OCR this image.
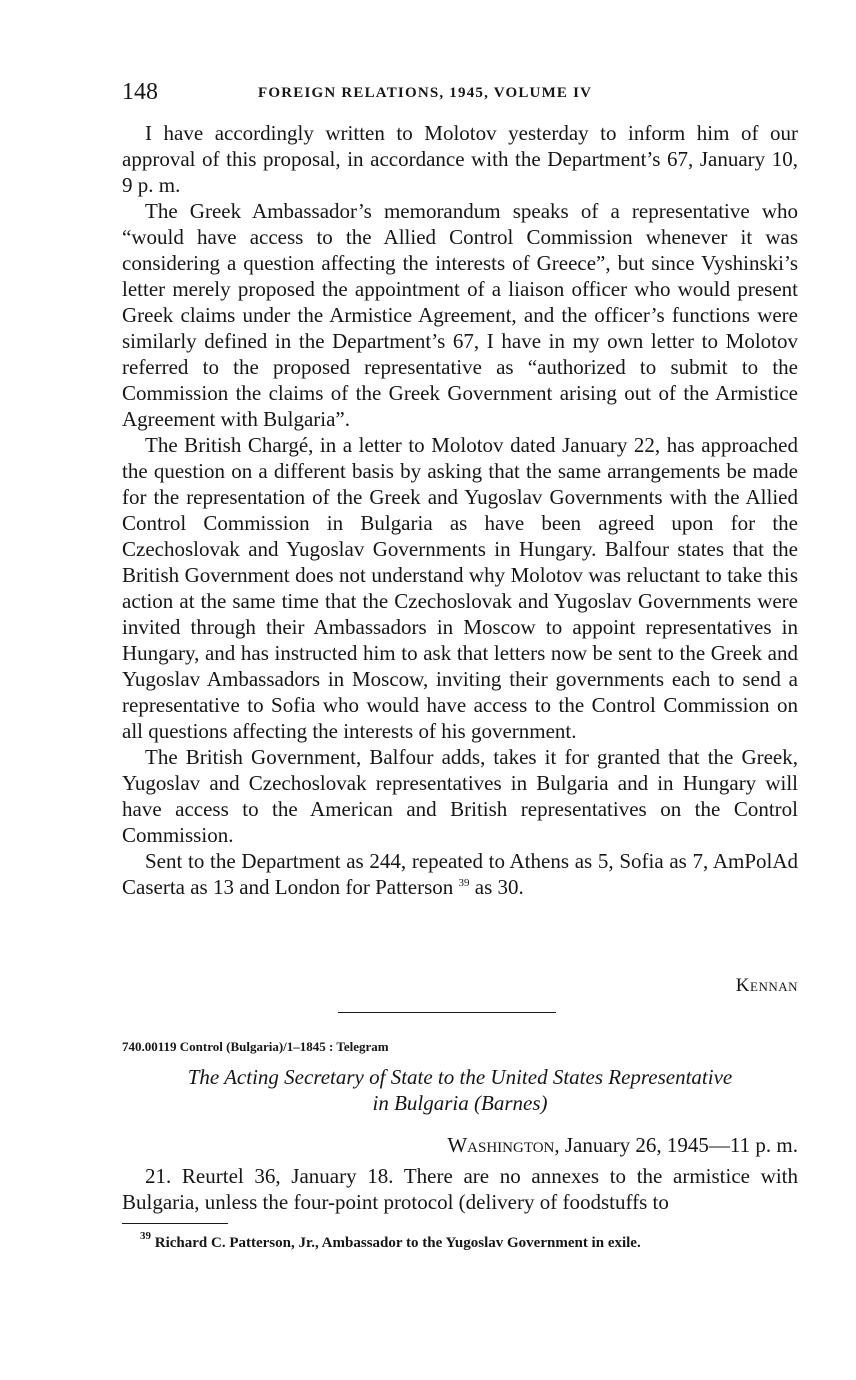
148	FOREIGN RELATIONS, 1945, VOLUME IV

I have accordingly written to Molotov yesterday to inform him of our approval of this proposal, in accordance with the Department’s 67, January 10, 9 p. m.

The Greek Ambassador’s memorandum speaks of a representative who “would have access to the Allied Control Commission whenever it was considering a question affecting the interests of Greece”, but since Vyshinski’s letter merely proposed the appointment of a liaison officer who would present Greek claims under the Armistice Agreement, and the officer’s functions were similarly defined in the Department’s 67, I have in my own letter to Molotov referred to the proposed representative as “authorized to submit to the Commission the claims of the Greek Government arising out of the Armistice Agreement with Bulgaria”.

The British Chargé, in a letter to Molotov dated January 22, has approached the question on a different basis by asking that the same arrangements be made for the representation of the Greek and Yugoslav Governments with the Allied Control Commission in Bulgaria as have been agreed upon for the Czechoslovak and Yugoslav Governments in Hungary. Balfour states that the British Government does not understand why Molotov was reluctant to take this action at the same time that the Czechoslovak and Yugoslav Governments were invited through their Ambassadors in Moscow to appoint representatives in Hungary, and has instructed him to ask that letters now be sent to the Greek and Yugoslav Ambassadors in Moscow, inviting their governments each to send a representative to Sofia who would have access to the Control Commission on all questions affecting the interests of his government.

The British Government, Balfour adds, takes it for granted that the Greek, Yugoslav and Czechoslovak representatives in Bulgaria and in Hungary will have access to the American and British representatives on the Control Commission.

Sent to the Department as 244, repeated to Athens as 5, Sofia as 7, AmPolAd Caserta as 13 and London for Patterson $^{39}$ as 30.

Kennan
740.00119 Control (Bulgaria)/1–1845 : Telegram
The Acting Secretary of State to the United States Representative
in Bulgaria (Barnes)
Washington, January 26, 1945—11 p. m.

21. Reurtel 36, January 18. There are no annexes to the armistice with Bulgaria, unless the four-point protocol (delivery of foodstuffs to

$^{39}$ Richard C. Patterson, Jr., Ambassador to the Yugoslav Government in exile.
